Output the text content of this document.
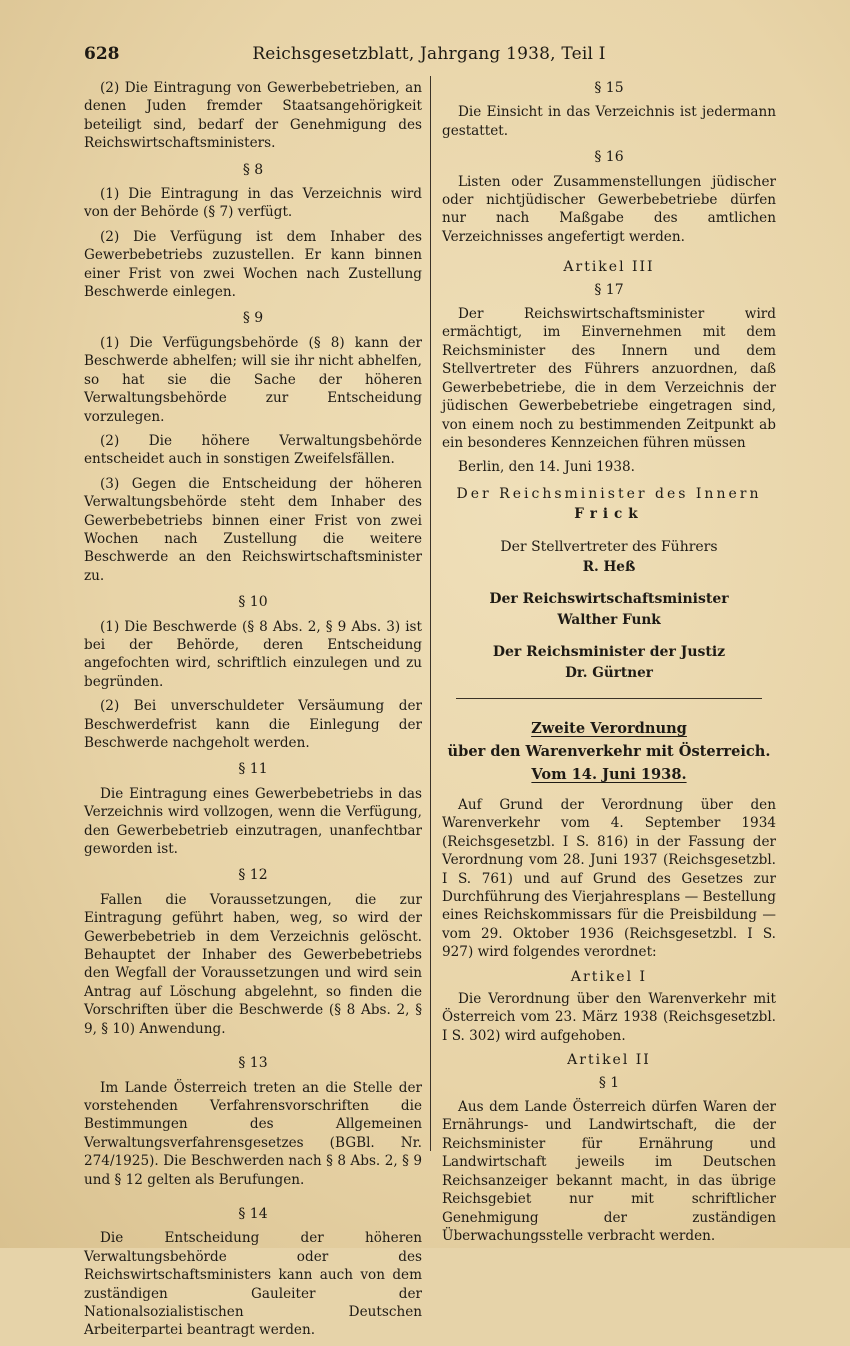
628	Reichsgesetzblatt, Jahrgang 1938, Teil I

(2) Die Eintragung von Gewerbebetrieben, an denen Juden fremder Staatsangehörigkeit beteiligt sind, bedarf der Genehmigung des Reichswirtschaftsministers.

§ 8

(1) Die Eintragung in das Verzeichnis wird von der Behörde (§ 7) verfügt.

(2) Die Verfügung ist dem Inhaber des Gewerbebetriebs zuzustellen. Er kann binnen einer Frist von zwei Wochen nach Zustellung Beschwerde einlegen.

§ 9

(1) Die Verfügungsbehörde (§ 8) kann der Beschwerde abhelfen; will sie ihr nicht abhelfen, so hat sie die Sache der höheren Verwaltungsbehörde zur Entscheidung vorzulegen.

(2) Die höhere Verwaltungsbehörde entscheidet auch in sonstigen Zweifelsfällen.

(3) Gegen die Entscheidung der höheren Verwaltungsbehörde steht dem Inhaber des Gewerbebetriebs binnen einer Frist von zwei Wochen nach Zustellung die weitere Beschwerde an den Reichswirtschaftsminister zu.

§ 10

(1) Die Beschwerde (§ 8 Abs. 2, § 9 Abs. 3) ist bei der Behörde, deren Entscheidung angefochten wird, schriftlich einzulegen und zu begründen.

(2) Bei unverschuldeter Versäumung der Beschwerdefrist kann die Einlegung der Beschwerde nachgeholt werden.

§ 11

Die Eintragung eines Gewerbebetriebs in das Verzeichnis wird vollzogen, wenn die Verfügung, den Gewerbebetrieb einzutragen, unanfechtbar geworden ist.

§ 12

Fallen die Voraussetzungen, die zur Eintragung geführt haben, weg, so wird der Gewerbebetrieb in dem Verzeichnis gelöscht. Behauptet der Inhaber des Gewerbebetriebs den Wegfall der Voraussetzungen und wird sein Antrag auf Löschung abgelehnt, so finden die Vorschriften über die Beschwerde (§ 8 Abs. 2, § 9, § 10) Anwendung.

§ 13

Im Lande Österreich treten an die Stelle der vorstehenden Verfahrensvorschriften die Bestimmungen des Allgemeinen Verwaltungsverfahrensgesetzes (BGBl. Nr. 274/1925). Die Beschwerden nach § 8 Abs. 2, § 9 und § 12 gelten als Berufungen.

§ 14

Die Entscheidung der höheren Verwaltungsbehörde oder des Reichswirtschaftsministers kann auch von dem zuständigen Gauleiter der Nationalsozialistischen Deutschen Arbeiterpartei beantragt werden.

§ 15

Die Einsicht in das Verzeichnis ist jedermann gestattet.

§ 16

Listen oder Zusammenstellungen jüdischer oder nichtjüdischer Gewerbebetriebe dürfen nur nach Maßgabe des amtlichen Verzeichnisses angefertigt werden.

Artikel III
§ 17

Der Reichswirtschaftsminister wird ermächtigt, im Einvernehmen mit dem Reichsminister des Innern und dem Stellvertreter des Führers anzuordnen, daß Gewerbebetriebe, die in dem Verzeichnis der jüdischen Gewerbebetriebe eingetragen sind, von einem noch zu bestimmenden Zeitpunkt ab ein besonderes Kennzeichen führen müssen

Berlin, den 14. Juni 1938.

Der Reichsminister des Innern
Frick
Der Stellvertreter des Führers
R. Heß
Der Reichswirtschaftsminister
Walther Funk
Der Reichsminister der Justiz
Dr. Gürtner
Zweite Verordnung
über den Warenverkehr mit Österreich.
Vom 14. Juni 1938.

Auf Grund der Verordnung über den Warenverkehr vom 4. September 1934 (Reichsgesetzbl. I S. 816) in der Fassung der Verordnung vom 28. Juni 1937 (Reichsgesetzbl. I S. 761) und auf Grund des Gesetzes zur Durchführung des Vierjahresplans — Bestellung eines Reichskommissars für die Preisbildung — vom 29. Oktober 1936 (Reichsgesetzbl. I S. 927) wird folgendes verordnet:

Artikel I

Die Verordnung über den Warenverkehr mit Österreich vom 23. März 1938 (Reichsgesetzbl. I S. 302) wird aufgehoben.

Artikel II
§ 1

Aus dem Lande Österreich dürfen Waren der Ernährungs- und Landwirtschaft, die der Reichsminister für Ernährung und Landwirtschaft jeweils im Deutschen Reichsanzeiger bekannt macht, in das übrige Reichsgebiet nur mit schriftlicher Genehmigung der zuständigen Überwachungsstelle verbracht werden.
